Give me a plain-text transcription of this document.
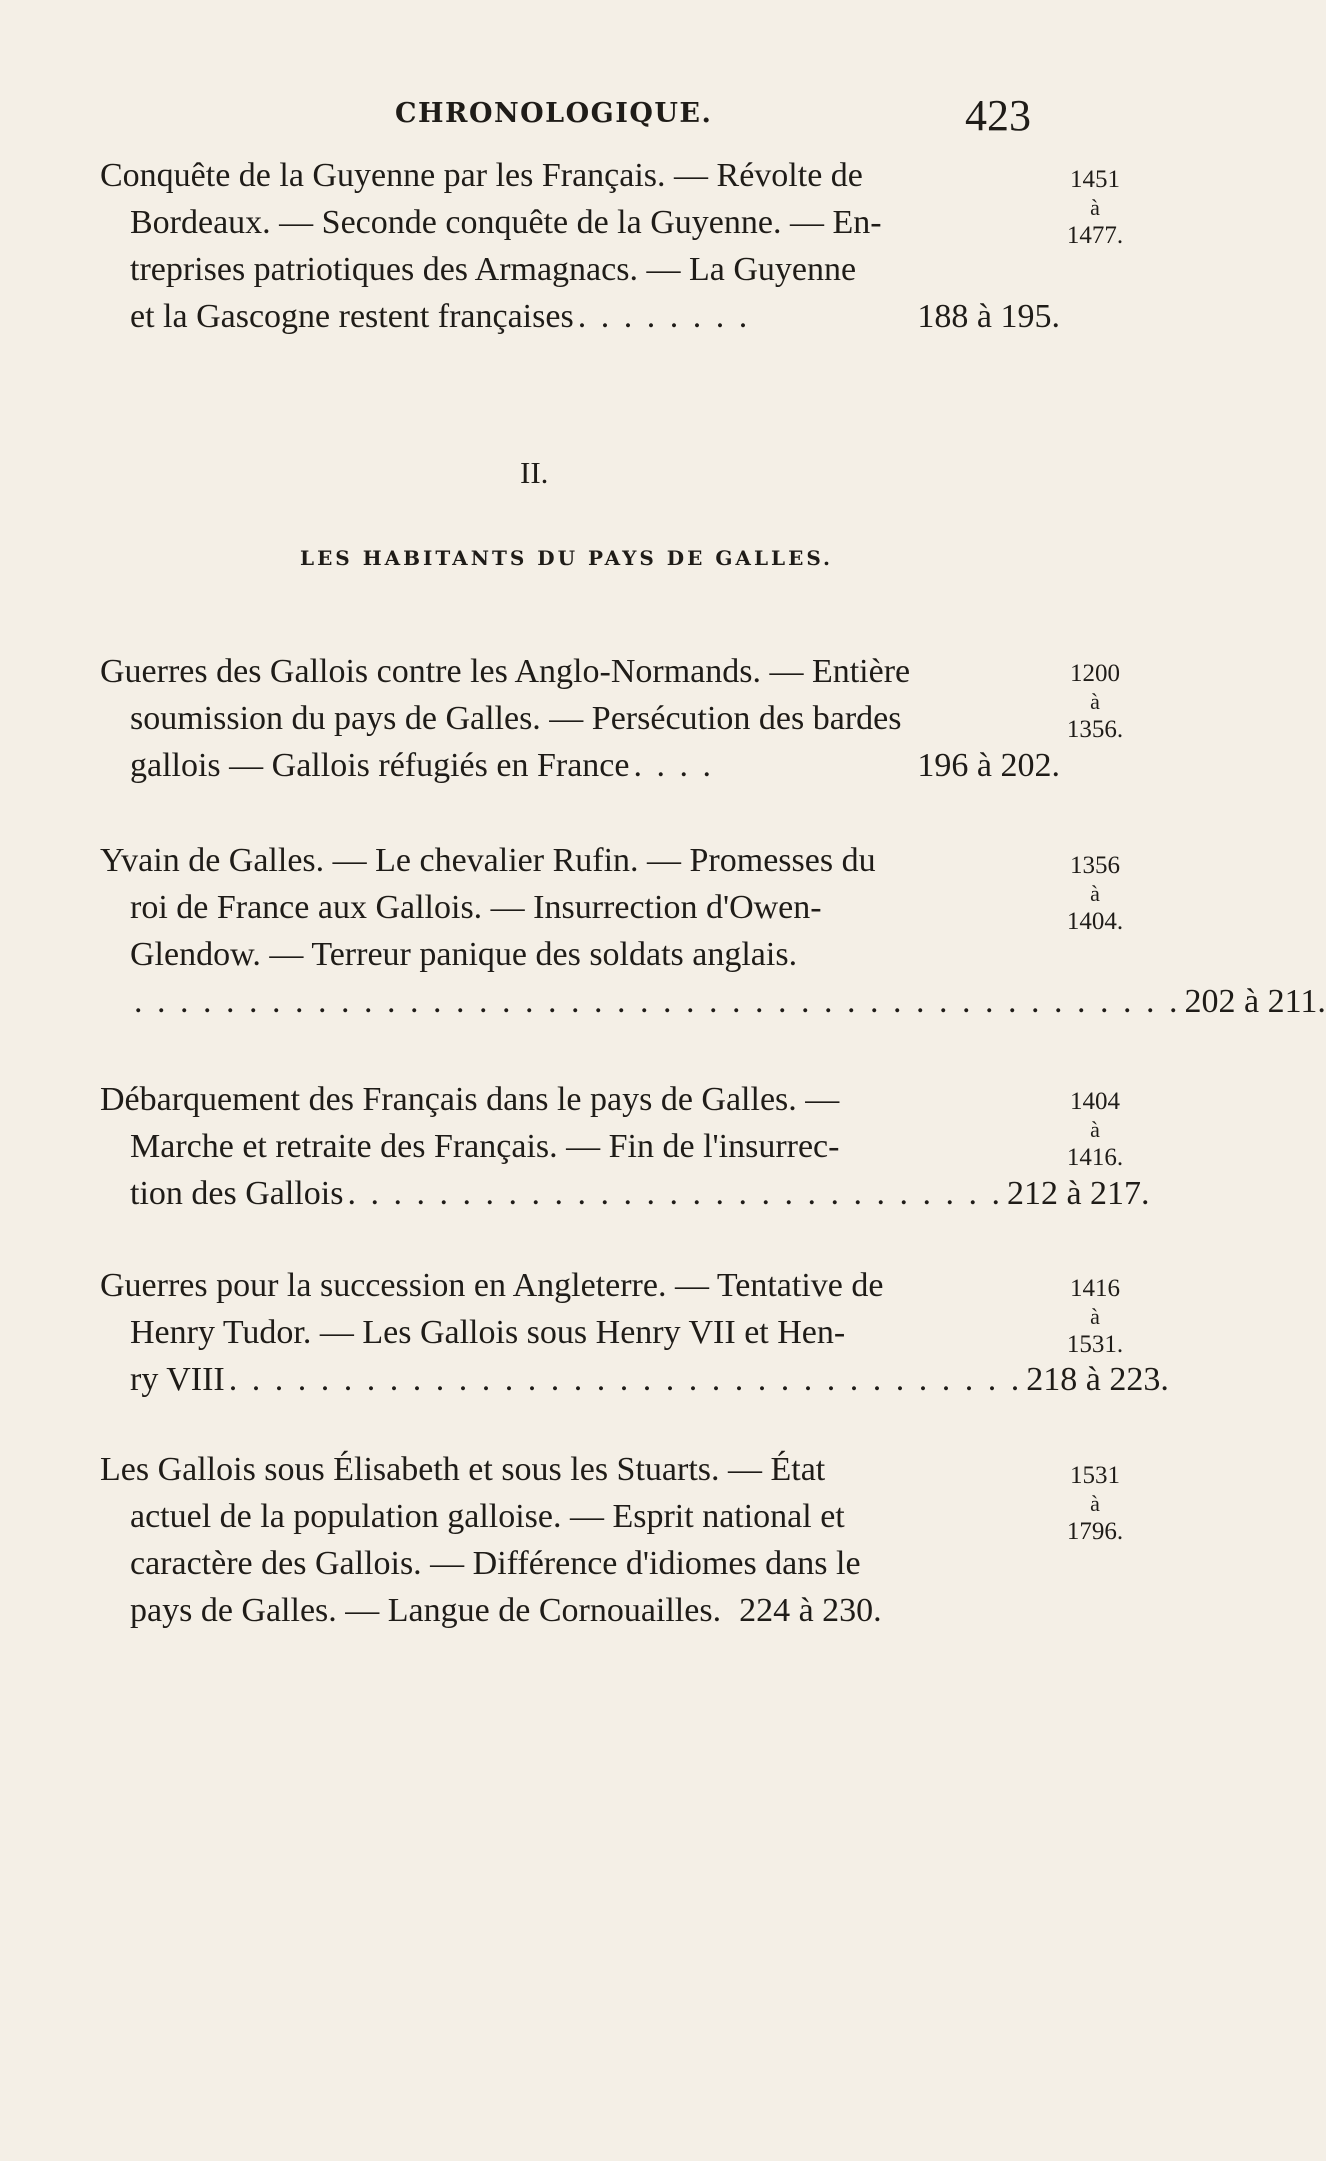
CHRONOLOGIQUE.	423
Conquête de la Guyenne par les Français. — Révolte de
Bordeaux. — Seconde conquête de la Guyenne. — En-
treprises patriotiques des Armagnacs. — La Guyenne
et la Gascogne restent françaises . . . . . . . .	188 à 195.
1451
à
1477.
II.
LES HABITANTS DU PAYS DE GALLES.
Guerres des Gallois contre les Anglo-Normands. — Entière
soumission du pays de Galles. — Persécution des bardes
gallois — Gallois réfugiés en France . . . .	196 à 202.
1200
à
1356.
Yvain de Galles. — Le chevalier Rufin. — Promesses du
roi de France aux Gallois. — Insurrection d'Owen-
Glendow. — Terreur panique des soldats anglais.
. . . . . . . . . . . . . . . . . . . . . . . . . . . . . . . . . . . . . . . . . . . . . . 202 à 211.
1356
à
1404.
Débarquement des Français dans le pays de Galles. —
Marche et retraite des Français. — Fin de l'insurrec-
tion des Gallois . . . . . . . . . . . . . . . . . . . . . . . . . . . . . 212 à 217.
1404
à
1416.
Guerres pour la succession en Angleterre. — Tentative de
Henry Tudor. — Les Gallois sous Henry VII et Hen-
ry VIII . . . . . . . . . . . . . . . . . . . . . . . . . . . . . . . . . . . 218 à 223.
1416
à
1531.
Les Gallois sous Élisabeth et sous les Stuarts. — État
actuel de la population galloise. — Esprit national et
caractère des Gallois. — Différence d'idiomes dans le
pays de Galles. — Langue de Cornouailles. 224 à 230.
1531
à
1796.
